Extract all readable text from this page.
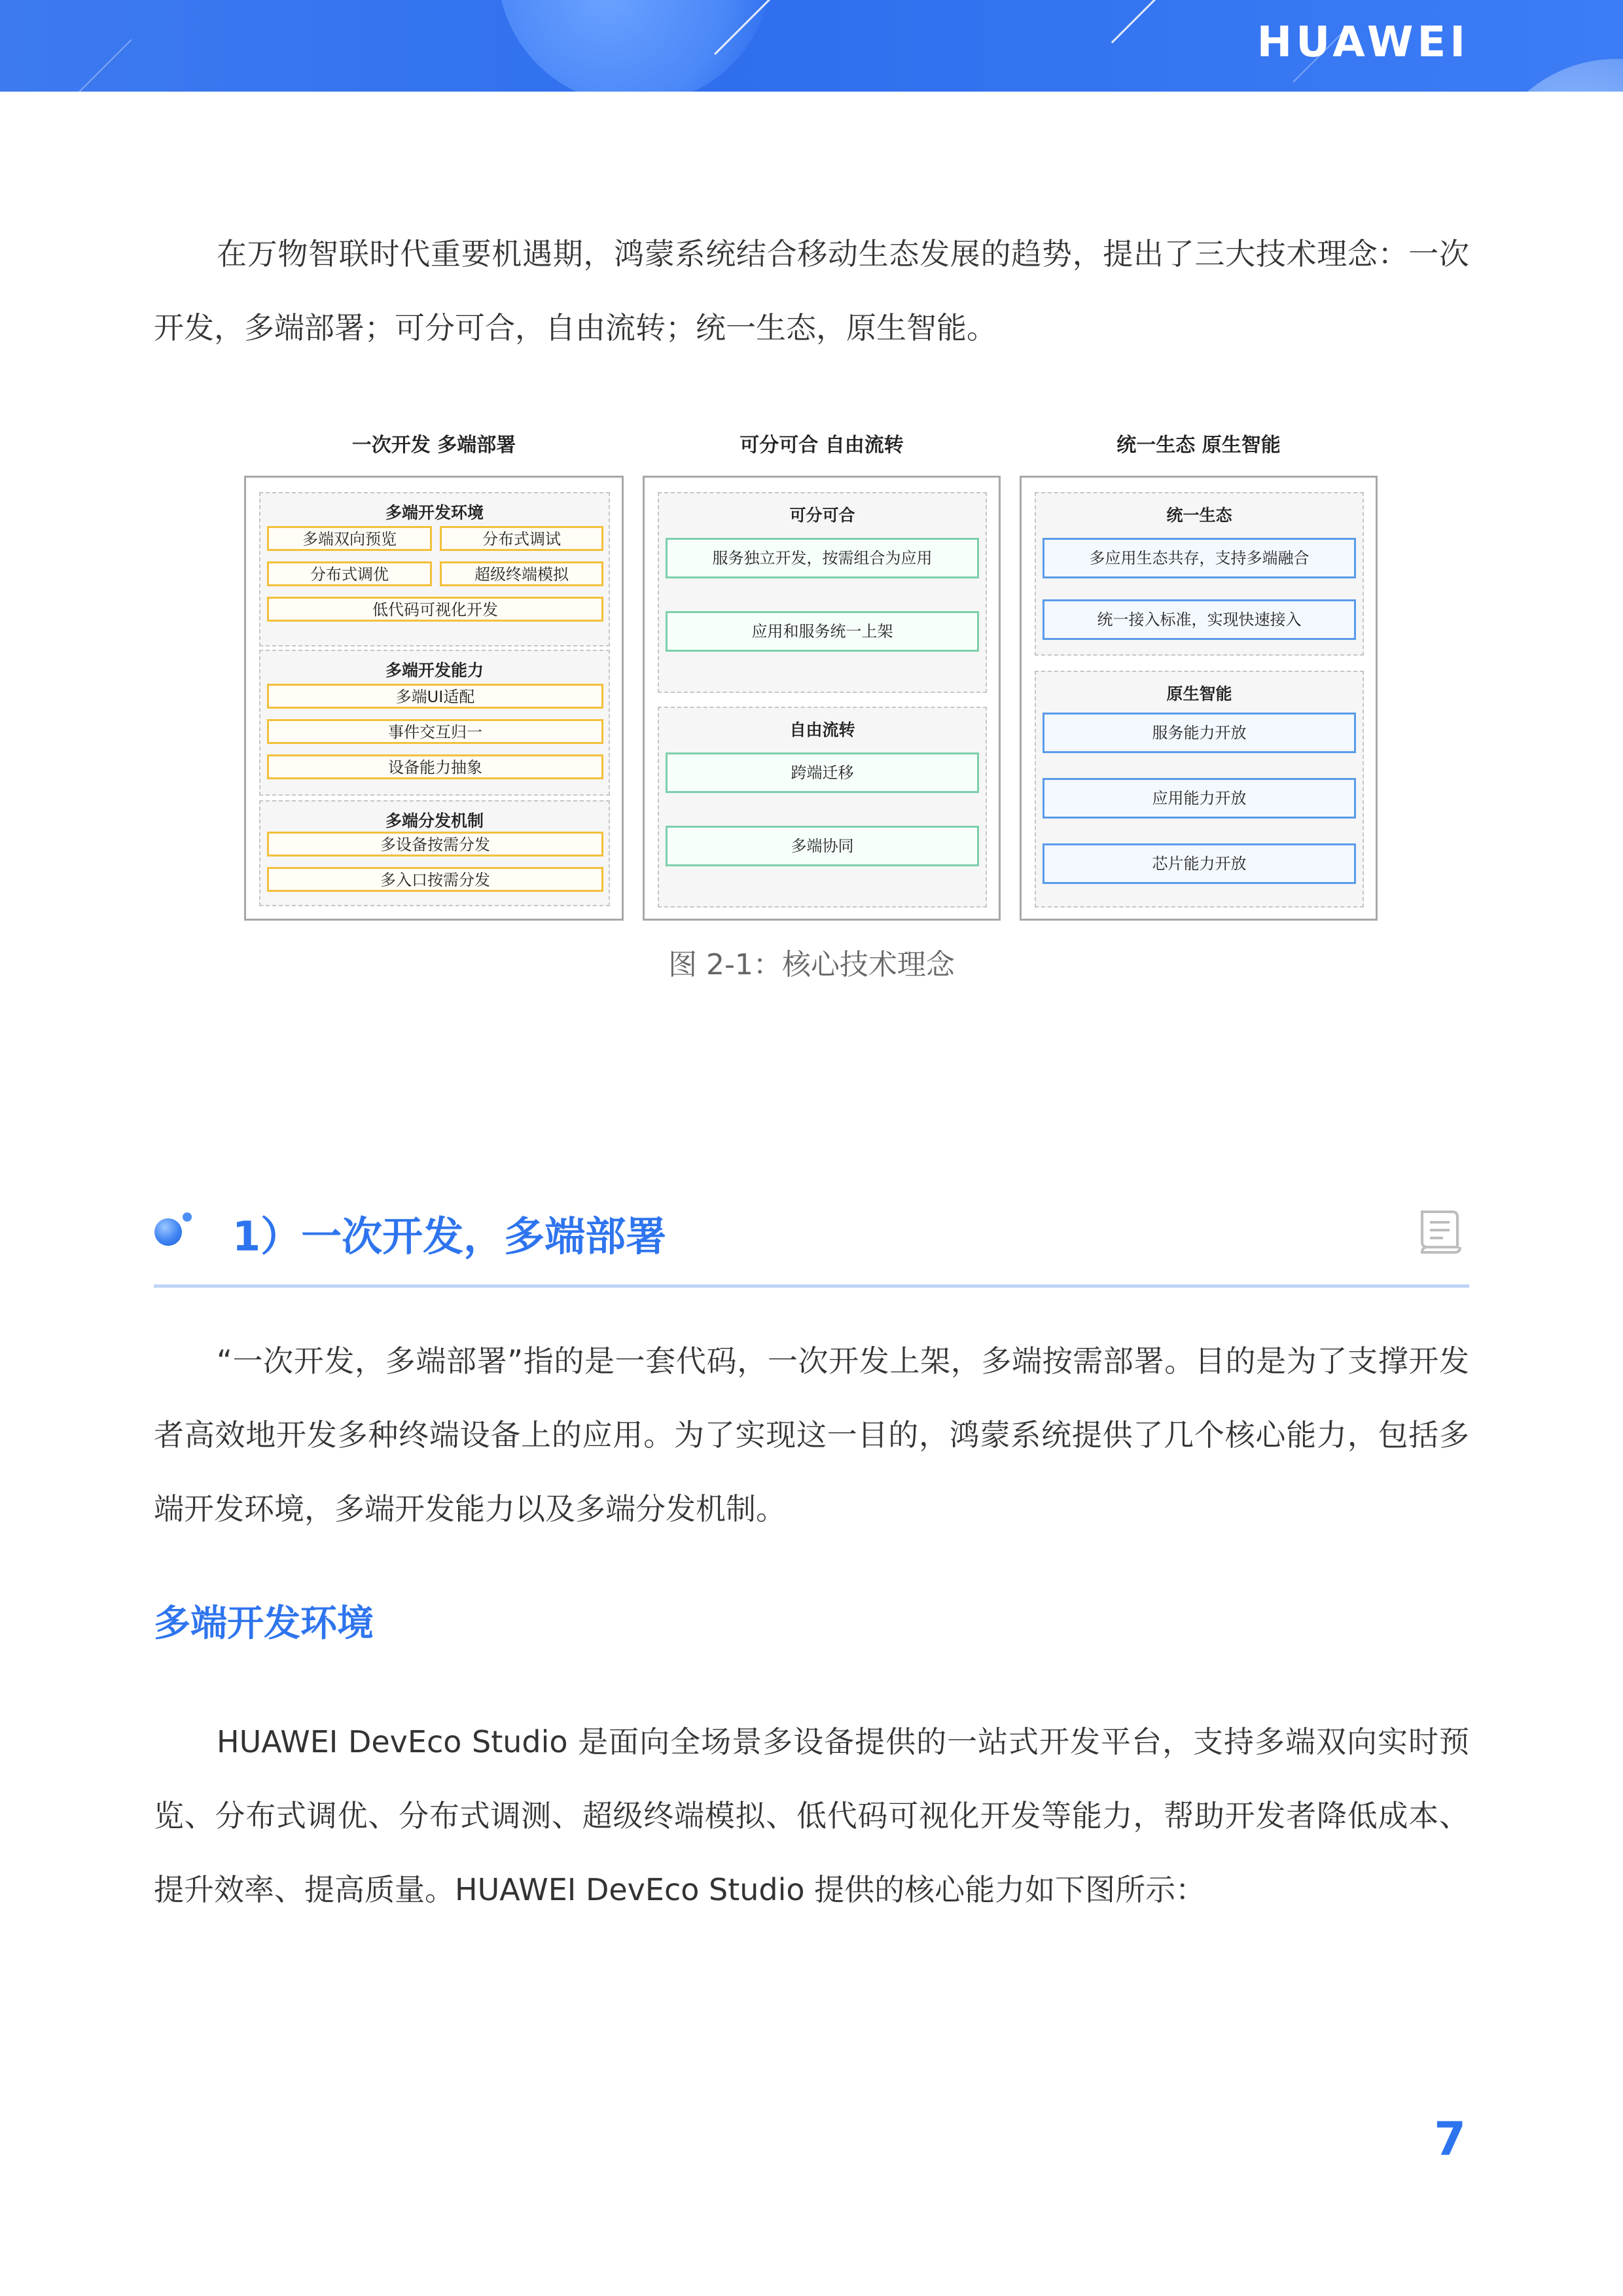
HUAWEI

在万物智联时代重要机遇期，鸿蒙系统结合移动生态发展的趋势，提出了三大技术理念：一次开发，多端部署；可分可合，自由流转；统一生态，原生智能。

一次开发 多端部署	可分可合 自由流转	统一生态 原生智能
多端开发环境
多端双向预览	分布式调试
分布式调优	超级终端模拟
低代码可视化开发
多端开发能力
多端UI适配
事件交互归一
设备能力抽象
多端分发机制
多设备按需分发
多入口按需分发
可分可合
服务独立开发，按需组合为应用
应用和服务统一上架
自由流转
跨端迁移
多端协同
统一生态
多应用生态共存，支持多端融合
统一接入标准，实现快速接入
原生智能
服务能力开放
应用能力开放
芯片能力开放
图 2-1：核心技术理念
1）一次开发，多端部署

“一次开发，多端部署”指的是一套代码，一次开发上架，多端按需部署。目的是为了支撑开发者高效地开发多种终端设备上的应用。为了实现这一目的，鸿蒙系统提供了几个核心能力，包括多端开发环境，多端开发能力以及多端分发机制。

多端开发环境

HUAWEI DevEco Studio 是面向全场景多设备提供的一站式开发平台，支持多端双向实时预览、分布式调优、分布式调测、超级终端模拟、低代码可视化开发等能力，帮助开发者降低成本、提升效率、提高质量。HUAWEI DevEco Studio 提供的核心能力如下图所示：

7
